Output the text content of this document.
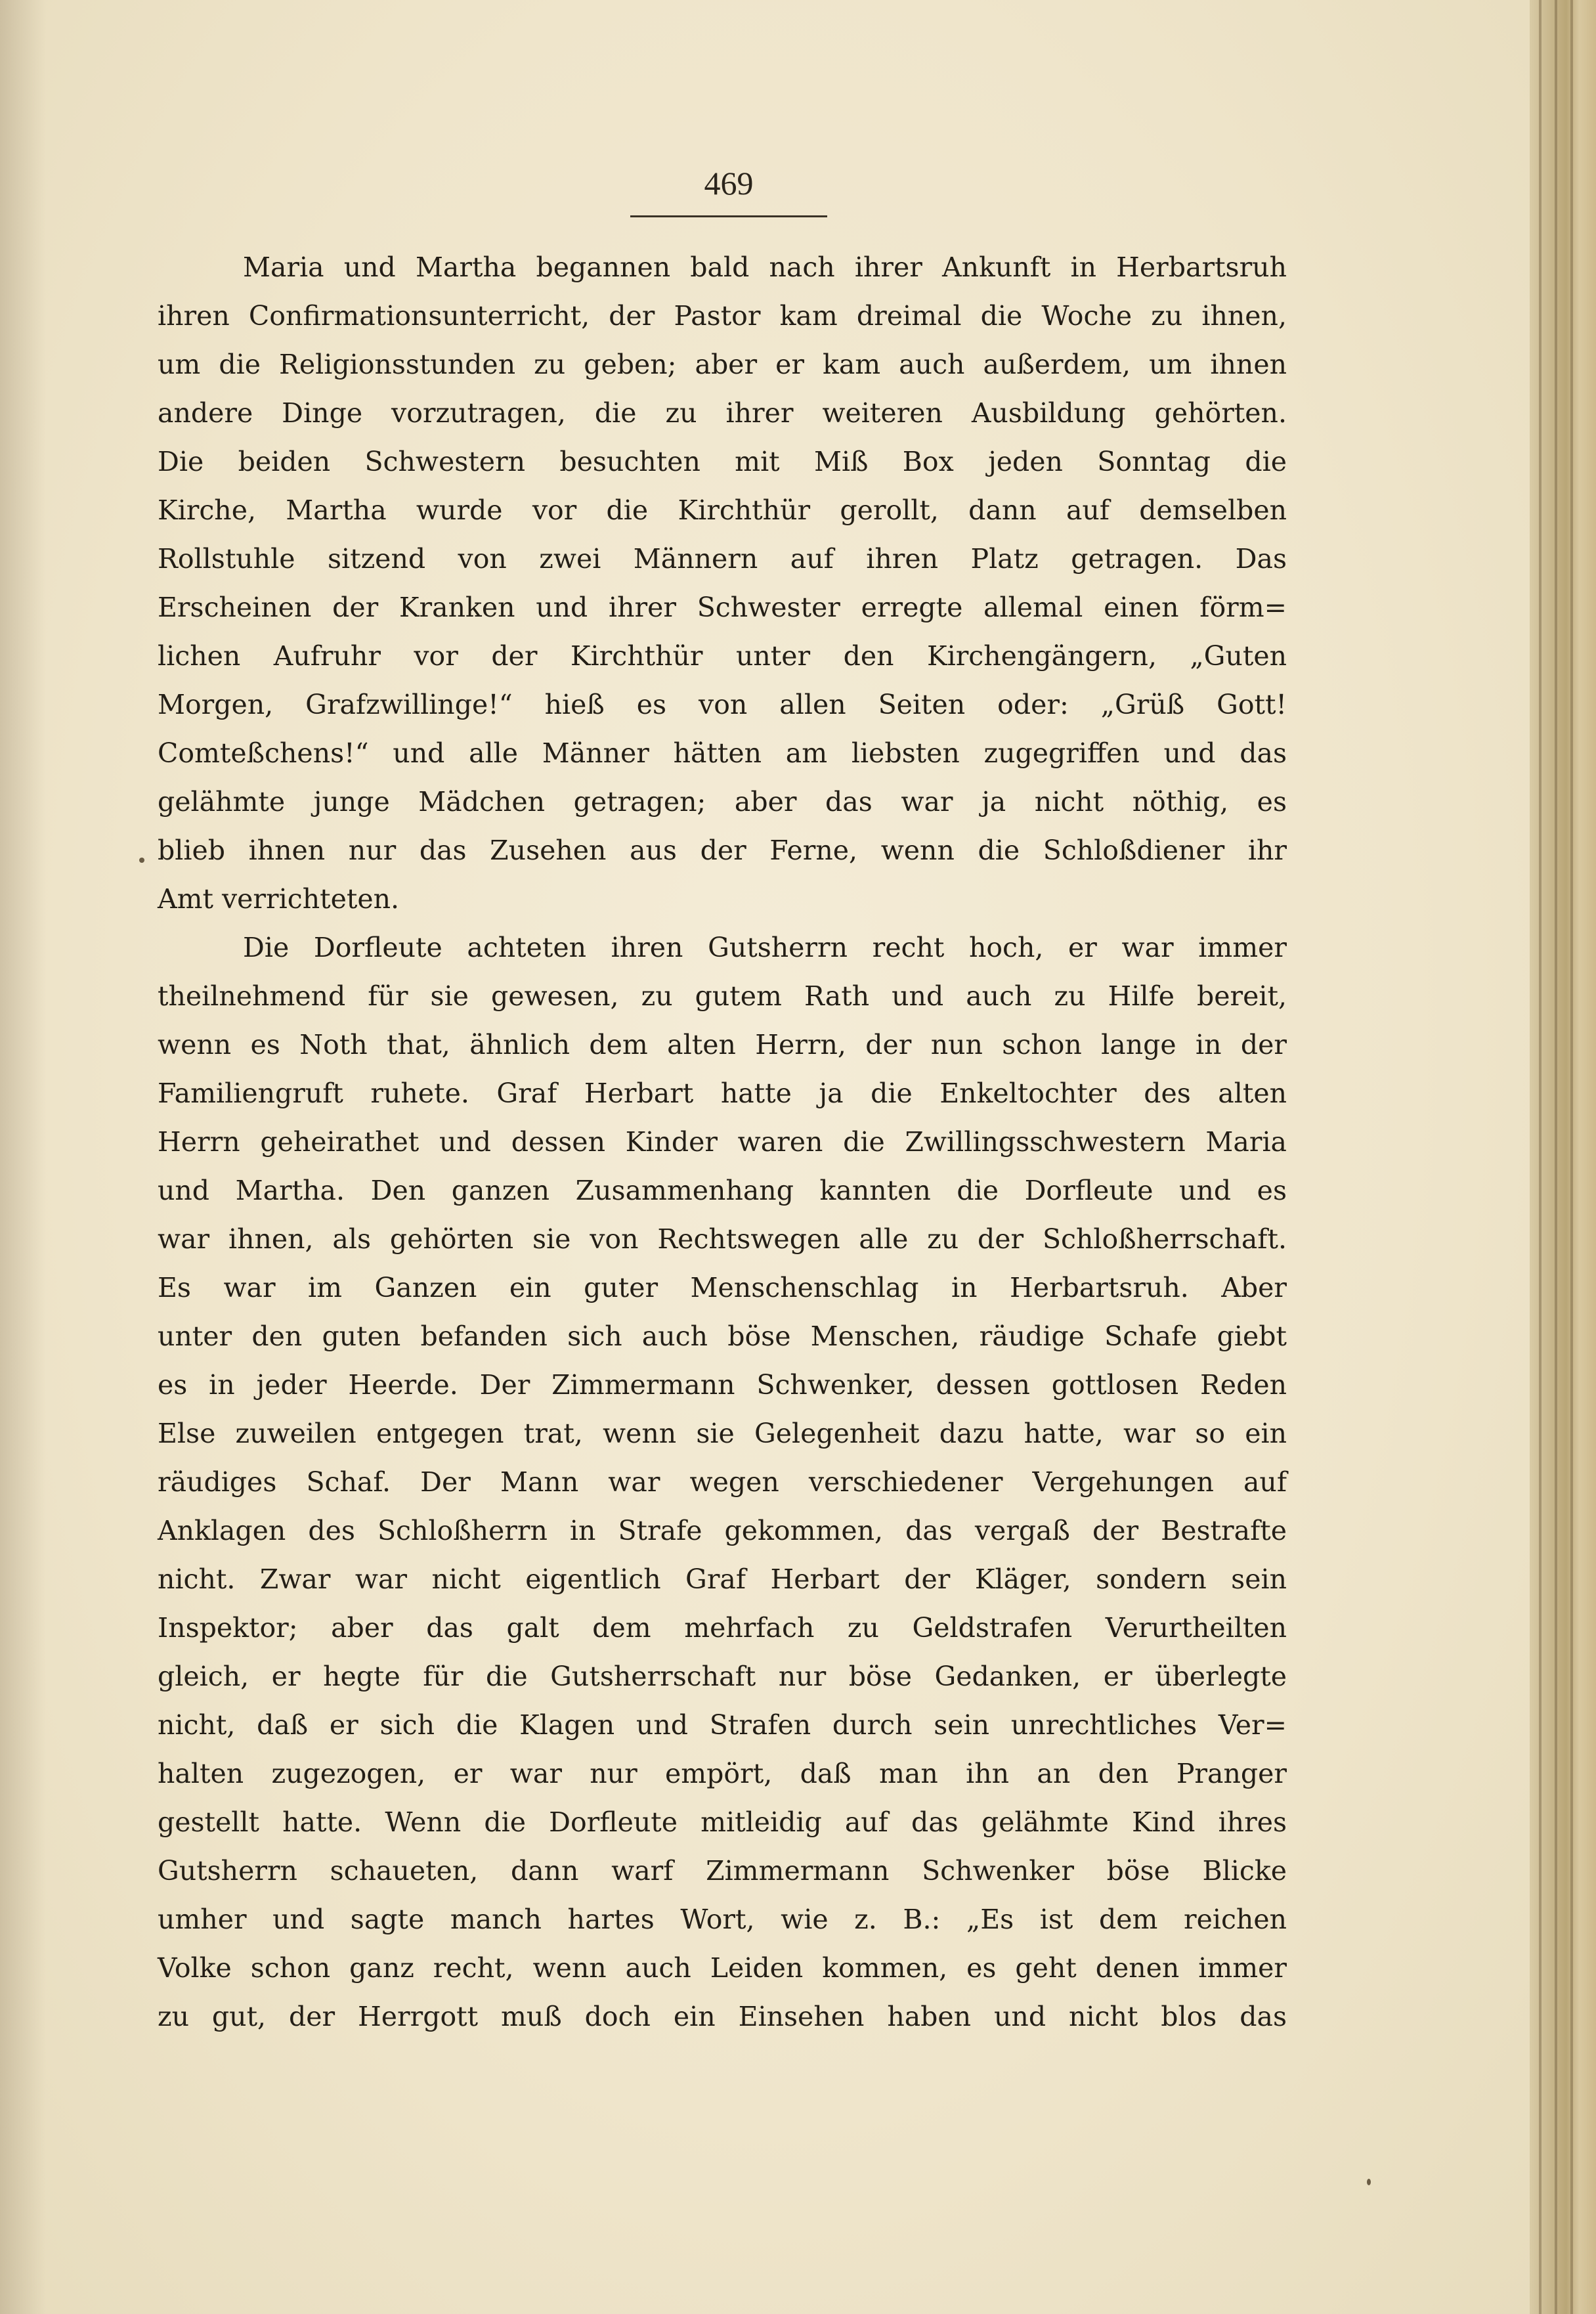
469
Maria und Martha begannen bald nach ihrer Ankunft in Herbartsruh
ihren Confirmationsunterricht, der Pastor kam dreimal die Woche zu ihnen,
um die Religionsstunden zu geben; aber er kam auch außerdem, um ihnen
andere Dinge vorzutragen, die zu ihrer weiteren Ausbildung gehörten.
Die beiden Schwestern besuchten mit Miß Box jeden Sonntag die
Kirche, Martha wurde vor die Kirchthür gerollt, dann auf demselben
Rollstuhle sitzend von zwei Männern auf ihren Platz getragen. Das
Erscheinen der Kranken und ihrer Schwester erregte allemal einen förm=
lichen Aufruhr vor der Kirchthür unter den Kirchengängern, „Guten
Morgen, Grafzwillinge!“ hieß es von allen Seiten oder: „Grüß Gott!
Comteßchens!“ und alle Männer hätten am liebsten zugegriffen und das
gelähmte junge Mädchen getragen; aber das war ja nicht nöthig, es
blieb ihnen nur das Zusehen aus der Ferne, wenn die Schloßdiener ihr
Amt verrichteten.
Die Dorfleute achteten ihren Gutsherrn recht hoch, er war immer
theilnehmend für sie gewesen, zu gutem Rath und auch zu Hilfe bereit,
wenn es Noth that, ähnlich dem alten Herrn, der nun schon lange in der
Familiengruft ruhete. Graf Herbart hatte ja die Enkeltochter des alten
Herrn geheirathet und dessen Kinder waren die Zwillingsschwestern Maria
und Martha. Den ganzen Zusammenhang kannten die Dorfleute und es
war ihnen, als gehörten sie von Rechtswegen alle zu der Schloßherrschaft.
Es war im Ganzen ein guter Menschenschlag in Herbartsruh. Aber
unter den guten befanden sich auch böse Menschen, räudige Schafe giebt
es in jeder Heerde. Der Zimmermann Schwenker, dessen gottlosen Reden
Else zuweilen entgegen trat, wenn sie Gelegenheit dazu hatte, war so ein
räudiges Schaf. Der Mann war wegen verschiedener Vergehungen auf
Anklagen des Schloßherrn in Strafe gekommen, das vergaß der Bestrafte
nicht. Zwar war nicht eigentlich Graf Herbart der Kläger, sondern sein
Inspektor; aber das galt dem mehrfach zu Geldstrafen Verurtheilten
gleich, er hegte für die Gutsherrschaft nur böse Gedanken, er überlegte
nicht, daß er sich die Klagen und Strafen durch sein unrechtliches Ver=
halten zugezogen, er war nur empört, daß man ihn an den Pranger
gestellt hatte. Wenn die Dorfleute mitleidig auf das gelähmte Kind ihres
Gutsherrn schaueten, dann warf Zimmermann Schwenker böse Blicke
umher und sagte manch hartes Wort, wie z. B.: „Es ist dem reichen
Volke schon ganz recht, wenn auch Leiden kommen, es geht denen immer
zu gut, der Herrgott muß doch ein Einsehen haben und nicht blos das
